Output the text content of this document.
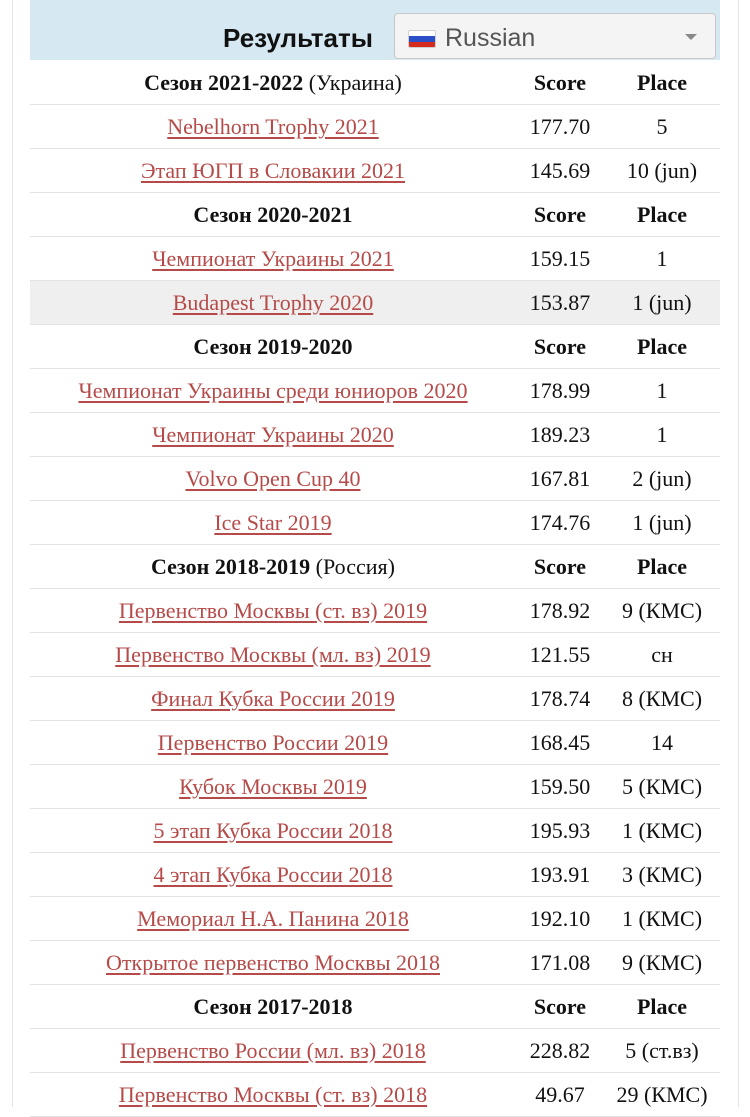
Результаты	Russian
Сезон 2021-2022 (Украина)	Score	Place
Nebelhorn Trophy 2021	177.70	5
Этап ЮГП в Словакии 2021	145.69	10 (jun)
Сезон 2020-2021	Score	Place
Чемпионат Украины 2021	159.15	1
Budapest Trophy 2020	153.87	1 (jun)
Сезон 2019-2020	Score	Place
Чемпионат Украины среди юниоров 2020	178.99	1
Чемпионат Украины 2020	189.23	1
Volvo Open Cup 40	167.81	2 (jun)
Ice Star 2019	174.76	1 (jun)
Сезон 2018-2019 (Россия)	Score	Place
Первенство Москвы (ст. вз) 2019	178.92	9 (КМС)
Первенство Москвы (мл. вз) 2019	121.55	сн
Финал Кубка России 2019	178.74	8 (КМС)
Первенство России 2019	168.45	14
Кубок Москвы 2019	159.50	5 (КМС)
5 этап Кубка России 2018	195.93	1 (КМС)
4 этап Кубка России 2018	193.91	3 (КМС)
Мемориал Н.А. Панина 2018	192.10	1 (КМС)
Открытое первенство Москвы 2018	171.08	9 (КМС)
Сезон 2017-2018	Score	Place
Первенство России (мл. вз) 2018	228.82	5 (ст.вз)
Первенство Москвы (ст. вз) 2018	49.67	29 (КМС)
